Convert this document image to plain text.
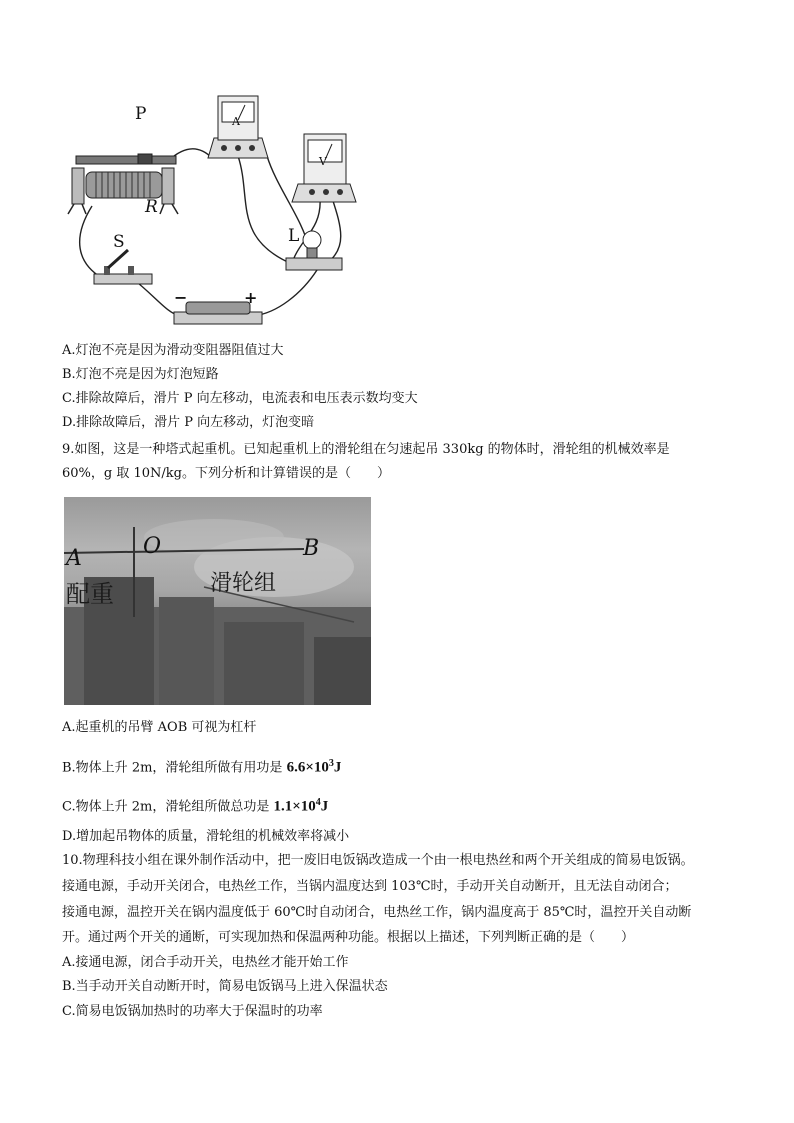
P
R
S	L
−	+
A
V
A.灯泡不亮是因为滑动变阻器阻值过大
B.灯泡不亮是因为灯泡短路
C.排除故障后，滑片 P 向左移动，电流表和电压表示数均变大
D.排除故障后，滑片 P 向左移动，灯泡变暗
9.如图，这是一种塔式起重机。已知起重机上的滑轮组在匀速起吊 330kg 的物体时，滑轮组的机械效率是
60%，g 取 10N/kg。下列分析和计算错误的是（　　）
A	O	B
配重	滑轮组
A.起重机的吊臂 AOB 可视为杠杆
B.物体上升 2m，滑轮组所做有用功是 $6.6\times 10^3J$
C.物体上升 2m，滑轮组所做总功是 $1.1\times 10^4J$
D.增加起吊物体的质量，滑轮组的机械效率将减小
10.物理科技小组在课外制作活动中，把一废旧电饭锅改造成一个由一根电热丝和两个开关组成的简易电饭锅。
接通电源，手动开关闭合，电热丝工作，当锅内温度达到 103℃时，手动开关自动断开，且无法自动闭合；
接通电源，温控开关在锅内温度低于 60℃时自动闭合，电热丝工作，锅内温度高于 85℃时，温控开关自动断
开。通过两个开关的通断，可实现加热和保温两种功能。根据以上描述，下列判断正确的是（　　）
A.接通电源，闭合手动开关，电热丝才能开始工作
B.当手动开关自动断开时，简易电饭锅马上进入保温状态
C.简易电饭锅加热时的功率大于保温时的功率
